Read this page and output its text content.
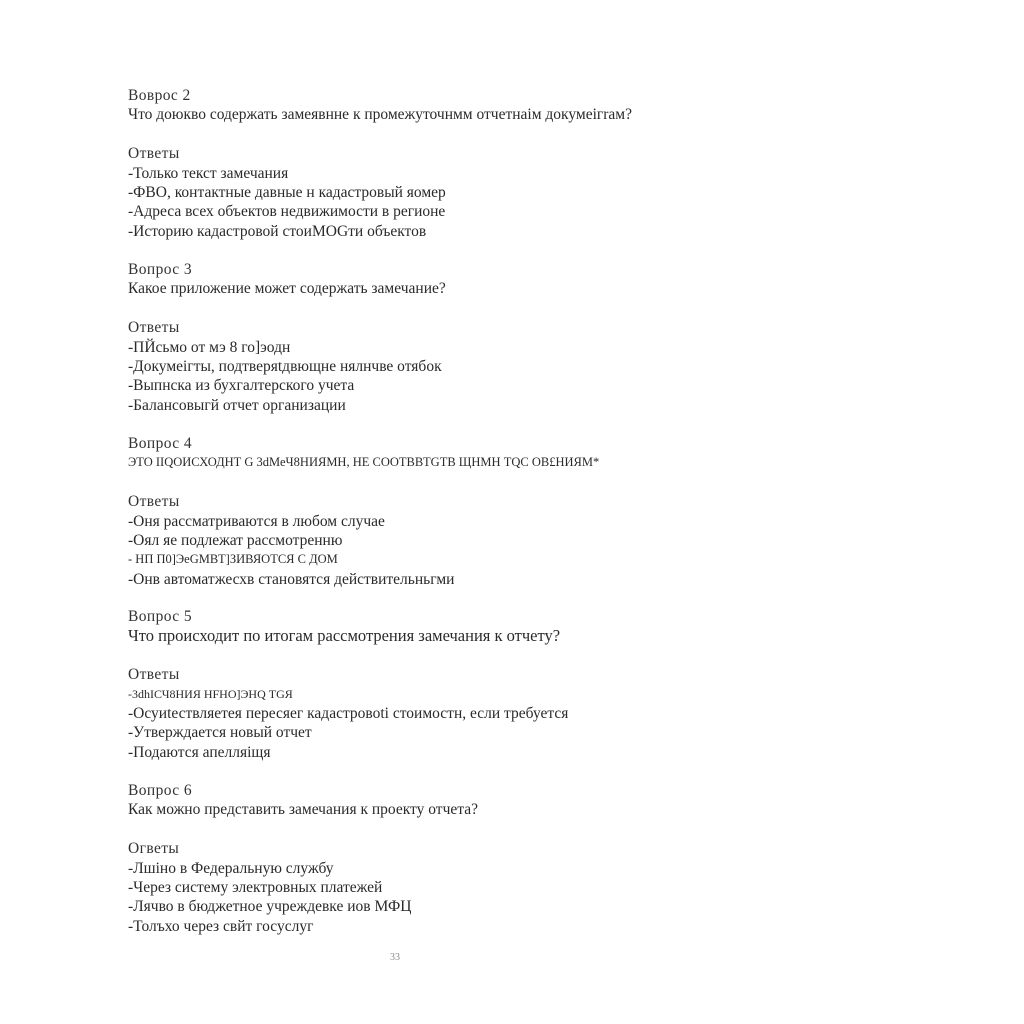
Вовpoc 2
Что доюкво содержать замеявнне к промежуточнмм отчетнаім докумеiгrам?
Ответы
-Только текст замечания
-ФВО, контактные давные н кадастровый яомер
-Адреса всех объектов недвижимости в регионе
-Историю кадастровой стоиMOGти объектов
Вопрос 3
Какое приложение может содержать замечание?
Ответы
-ПЙсьмо от мэ 8 го]эодн
-Докумеiгты, подтверяtдвющне нялнчве отябок
-Выпнска из бухгалтерского учета
-Балансовыгй отчет организации
Вопрос 4
ЭТО IIQОИСХОДНТ G 3dМеЧ8НИЯМН, НЕ СООТВВТGТВ ЩНМН ТQС ОВ£НИЯМ*
Ответы
-Оня рассматриваются в любом случае
-Оял яе подлежат рассмотренню
- НП П0]ЭеGМВТ]ЗИВЯОТСЯ С ДОМ
-Онв автоматжесхв становятся действительньгми
Вопрос 5
Что происходит по итогам рассмотрения замечания к отчету?
Ответы
-3dhIСЧ8НИЯ НFНО]ЭНQ ТGЯ
-Осуиtествляетея пересяег кадастровоti стоимостн, если требуется
-Утверждается новый отчет
-Подаются апелляiщя
Вопрос 6
Как можно представить замечания к проекту отчета?
Огветы
-Лшiно в Федеральную службу
-Через систему электровных платежей
-Лячво в бюджетное учреждевке иов МФЦ
-Толъхо через свйт госуслуг
33
